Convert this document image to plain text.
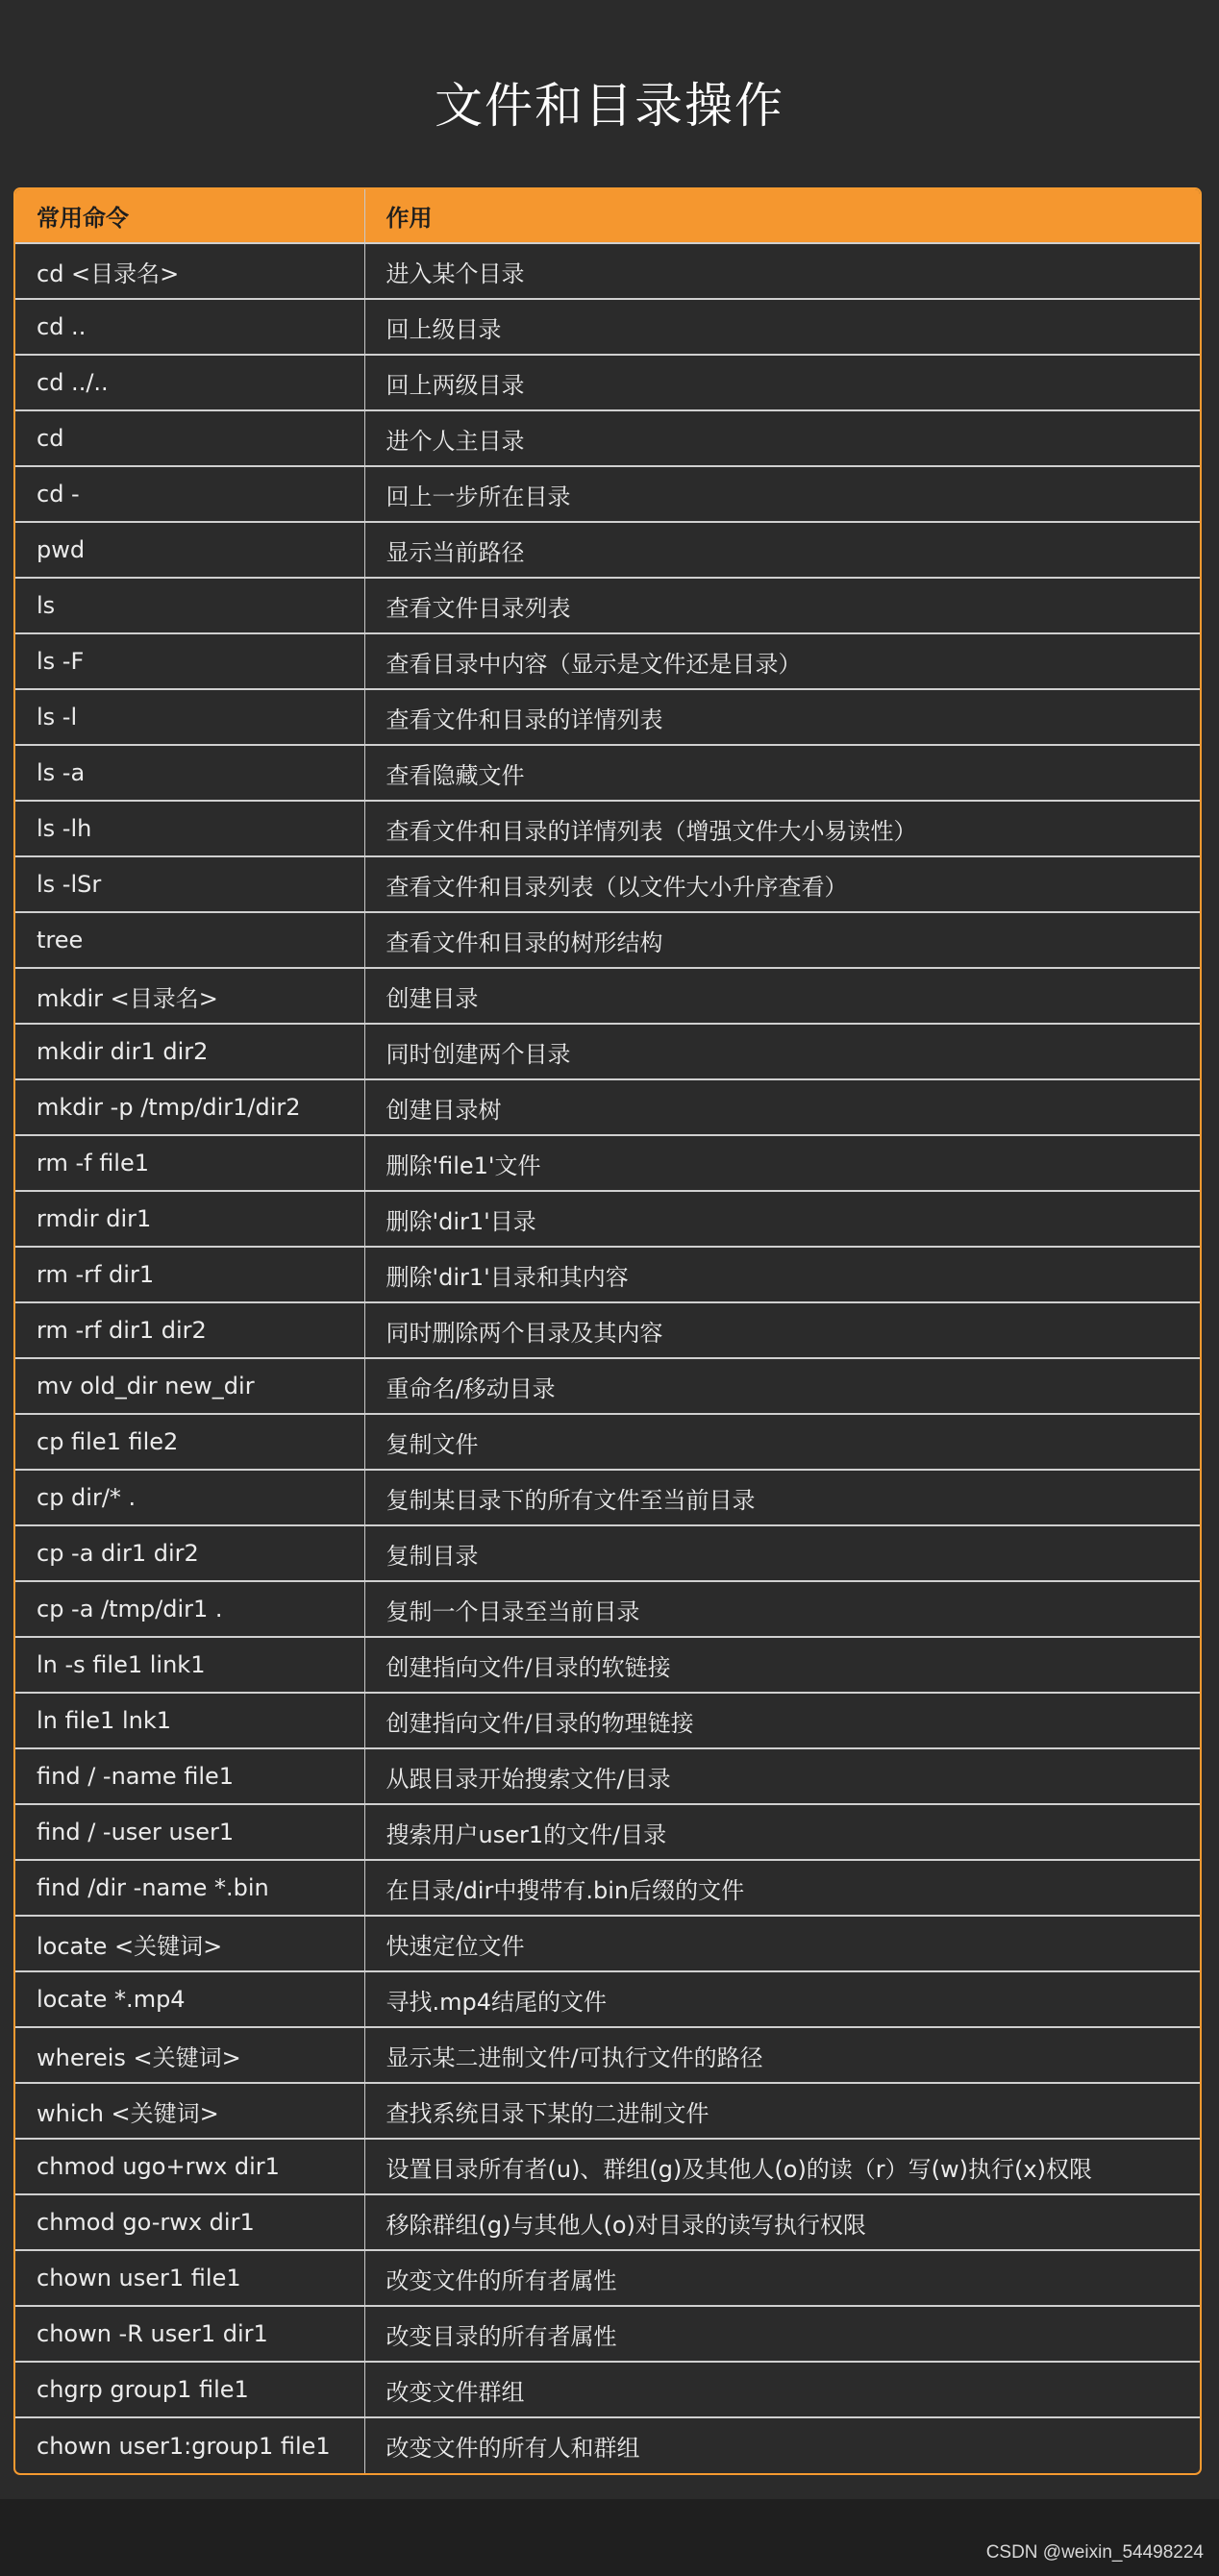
文件和目录操作
常用命令	作用
cd <目录名>	进入某个目录
cd ..	回上级目录
cd ../..	回上两级目录
cd	进个人主目录
cd -	回上一步所在目录
pwd	显示当前路径
ls	查看文件目录列表
ls -F	查看目录中内容（显示是文件还是目录）
ls -l	查看文件和目录的详情列表
ls -a	查看隐藏文件
ls -lh	查看文件和目录的详情列表（增强文件大小易读性）
ls -lSr	查看文件和目录列表（以文件大小升序查看）
tree	查看文件和目录的树形结构
mkdir <目录名>	创建目录
mkdir dir1 dir2	同时创建两个目录
mkdir -p /tmp/dir1/dir2	创建目录树
rm -f file1	删除'file1'文件
rmdir dir1	删除'dir1'目录
rm -rf dir1	删除'dir1'目录和其内容
rm -rf dir1 dir2	同时删除两个目录及其内容
mv old_dir new_dir	重命名/移动目录
cp file1 file2	复制文件
cp dir/* .	复制某目录下的所有文件至当前目录
cp -a dir1 dir2	复制目录
cp -a /tmp/dir1 .	复制一个目录至当前目录
ln -s file1 link1	创建指向文件/目录的软链接
ln file1 lnk1	创建指向文件/目录的物理链接
find / -name file1	从跟目录开始搜索文件/目录
find / -user user1	搜索用户user1的文件/目录
find /dir -name *.bin	在目录/dir中搜带有.bin后缀的文件
locate <关键词>	快速定位文件
locate *.mp4	寻找.mp4结尾的文件
whereis <关键词>	显示某二进制文件/可执行文件的路径
which <关键词>	查找系统目录下某的二进制文件
chmod ugo+rwx dir1	设置目录所有者(u)、群组(g)及其他人(o)的读（r）写(w)执行(x)权限
chmod go-rwx dir1	移除群组(g)与其他人(o)对目录的读写执行权限
chown user1 file1	改变文件的所有者属性
chown -R user1 dir1	改变目录的所有者属性
chgrp group1 file1	改变文件群组
chown user1:group1 file1	改变文件的所有人和群组
CSDN @weixin_54498224
